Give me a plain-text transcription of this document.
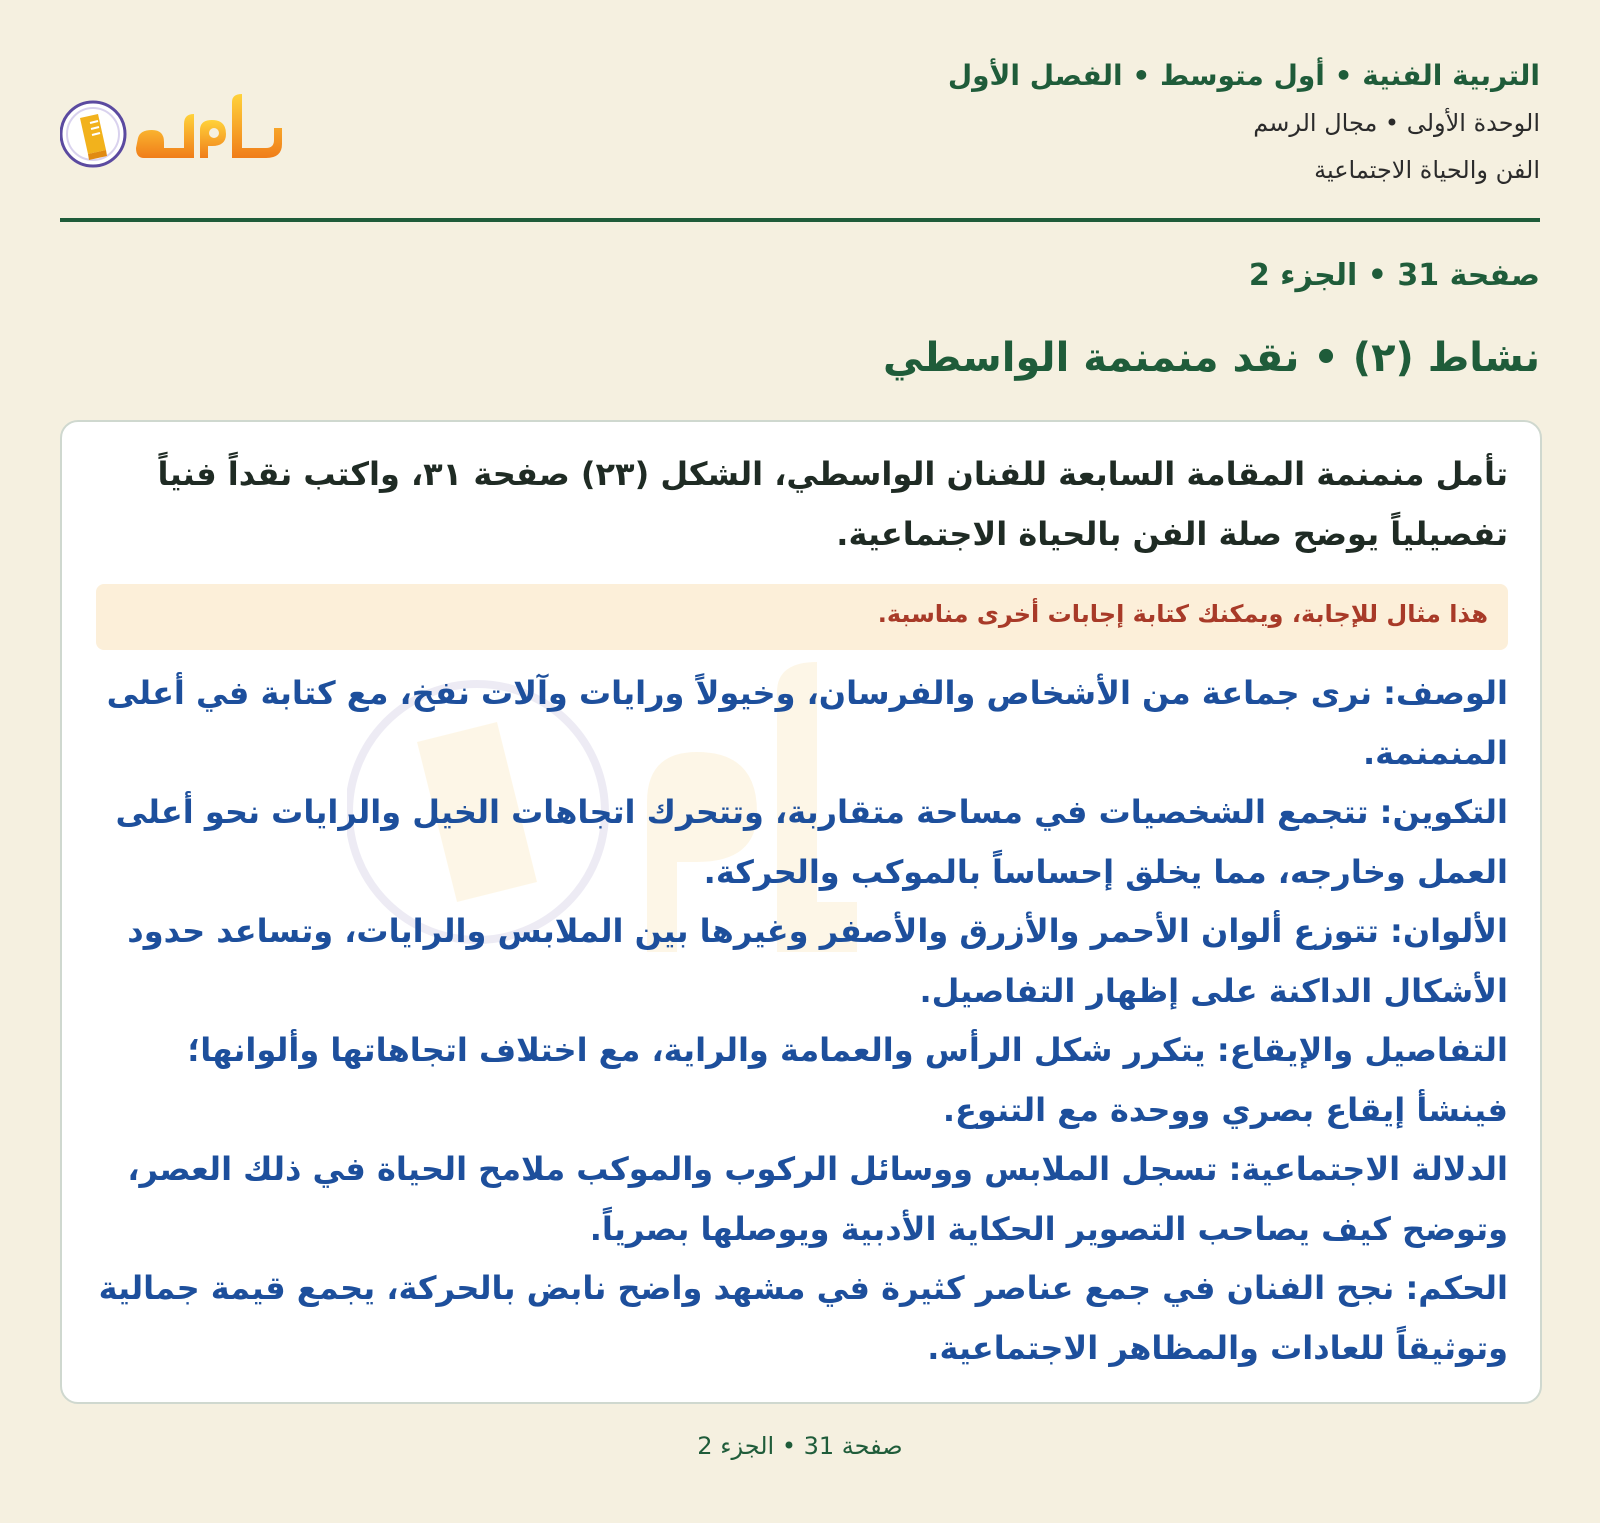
التربية الفنية • أول متوسط • الفصل الأول

الوحدة الأولى • مجال الرسم

الفن والحياة الاجتماعية

صفحة 31 • الجزء 2
نشاط (٢) • نقد منمنمة الواسطي

تأمل منمنمة المقامة السابعة للفنان الواسطي، الشكل (٢٣) صفحة ٣١، واكتب نقداً فنياً تفصيلياً يوضح صلة الفن بالحياة الاجتماعية.

هذا مثال للإجابة، ويمكنك كتابة إجابات أخرى مناسبة.
الوصف: نرى جماعة من الأشخاص والفرسان، وخيولاً ورايات وآلات نفخ، مع كتابة في أعلى المنمنمة.
التكوين: تتجمع الشخصيات في مساحة متقاربة، وتتحرك اتجاهات الخيل والرايات نحو أعلى العمل وخارجه، مما يخلق إحساساً بالموكب والحركة.
الألوان: تتوزع ألوان الأحمر والأزرق والأصفر وغيرها بين الملابس والرايات، وتساعد حدود الأشكال الداكنة على إظهار التفاصيل.
التفاصيل والإيقاع: يتكرر شكل الرأس والعمامة والراية، مع اختلاف اتجاهاتها وألوانها؛ فينشأ إيقاع بصري ووحدة مع التنوع.
الدلالة الاجتماعية: تسجل الملابس ووسائل الركوب والموكب ملامح الحياة في ذلك العصر، وتوضح كيف يصاحب التصوير الحكاية الأدبية ويوصلها بصرياً.
الحكم: نجح الفنان في جمع عناصر كثيرة في مشهد واضح نابض بالحركة، يجمع قيمة جمالية وتوثيقاً للعادات والمظاهر الاجتماعية.
صفحة 31 • الجزء 2
